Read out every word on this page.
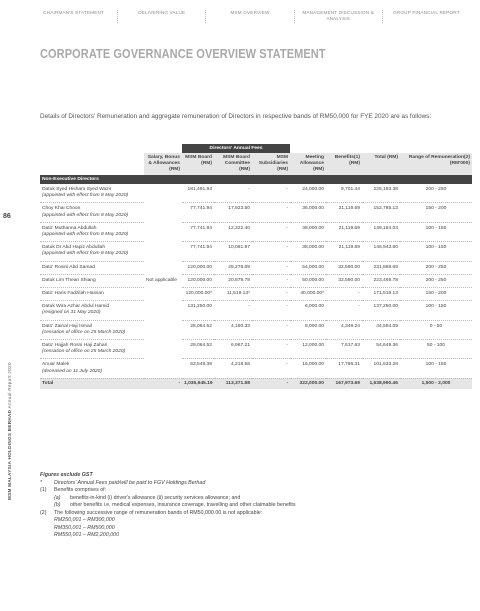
CHAIRMAN'S STATEMENT	DELIVERING VALUE	MSM OVERVIEW	MANAGEMENT DISCUSSION & ANALYSIS
GROUP FINANCIAL REPORT
CORPORATE GOVERNANCE OVERVIEW STATEMENT
Details of Directors' Remuneration and aggregate remuneration of Directors in respective bands of RM50,000 for FYE 2020 are as follows:
86
MSM MALAYSIA HOLDINGS BERHAD Annual Report 2020
		Directors' Annual Fees						
	Salary, Bonus & Allowances (RM)	MSM Board (RM)	MSM Board Committee (RM)	MSM Subsidiaries (RM)	Meeting Allowance (RM)	Benefits(1) (RM)	Total (RM)	Range of Remuneration(2) (RM'000)
Non-Executive Directors								
Datuk Syed Hisham Syed Wazir
(appointed with effect from 8 May 2020)	Not applicable	181,491.94	-	-	24,000.00	9,701.44	225,193.38	200 - 250
Choy Khai Choon
(appointed with effect from 8 May 2020)		77,741.94	17,923.50	-	36,000.00	21,119.69	152,785.13	150 - 200
Dato' Muthanna Abdullah
(appointed with effect from 8 May 2020)		77,741.94	12,322.40	-	38,000.00	21,119.69	149,184.03	100 - 150
Datuk Dr Abd Hapiz Abdullah
(appointed with effect from 8 May 2020)		77,741.94	10,081.97	-	38,000.00	21,119.69	146,943.60	100 - 150
Dato' Rosini Abd Samad		120,000.00	25,278.69	-	54,000.00	32,590.00	231,868.69	200 - 250
Datuk Lim Thean Shiang		120,000.00	20,879.78	-	50,000.00	32,590.00	223,469.78	200 - 250
Dato' Haris Fadzilah Hassan		120,000.00*	11,519.13*	-	40,000.00*	-	171,519.13	150 - 200
Datuk Wira Azhar Abdul Hamid
(resigned on 31 May 2020)		131,250.00	-	-	6,000.00	-	137,250.00	100 - 150
Dato' Zainal Haji Ismail
(cessation of office on 25 March 2020)		28,064.52	4,180.33	-	8,000.00	4,349.24	44,594.09	0 - 50
Dato' Hajjah Rosni Haji Zahari
(cessation of office on 25 March 2020)		28,064.52	6,967.21	-	12,000.00	7,617.63	54,649.36	50 - 100
Anuar Malek
(deceased on 11 July 2020)		63,548.39	4,218.58	-	16,000.00	17,786.31	101,533.28	100 - 150
Total	-	1,035,645.19	113,371.58	-	322,000.00	167,973.69	1,638,990.46	1,500 - 2,000
Figures exclude GST
*	Directors' Annual Fees paid/will be paid to FGV Holdings Berhad
(1)	Benefits comprises of:
(a)	benefits-in-kind (i) driver's allowance (ii) security services allowance; and
(b)	other benefits i.e. medical expenses, insurance coverage, travelling and other claimable benefits
(2)	The following successive range of remuneration bands of RM50,000.00 is not applicable:
RM250,001 – RM300,000
RM350,001 – RM500,000
RM550,001 – RM2,200,000
